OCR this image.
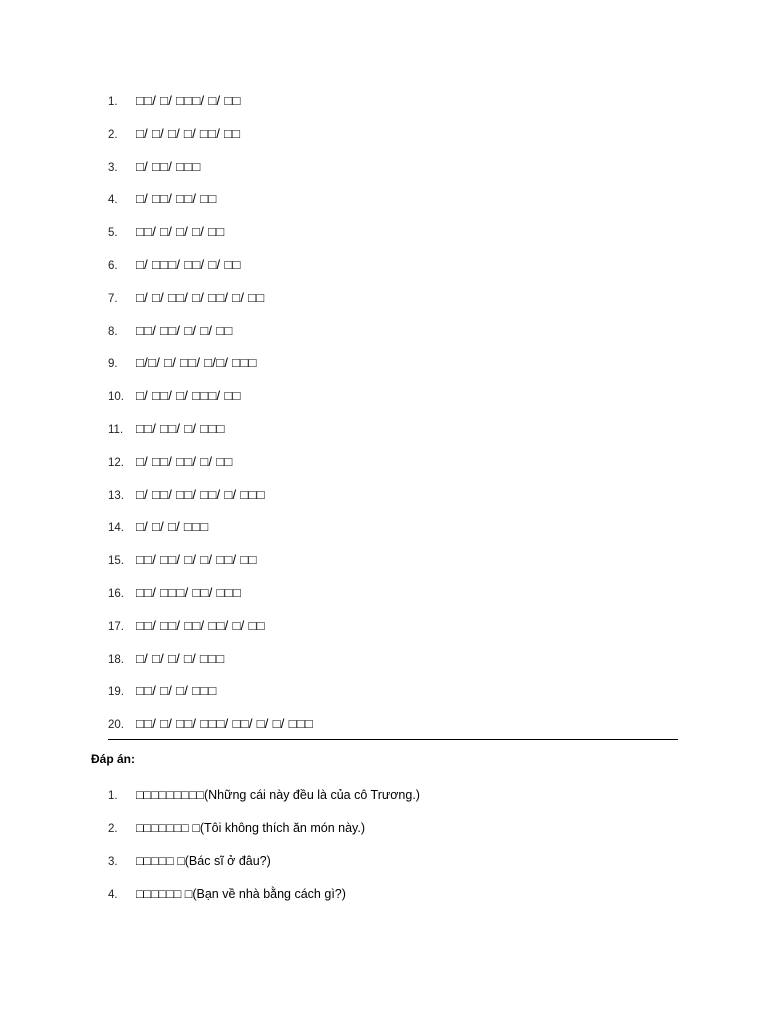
1.	□□/ □/ □□□/ □/ □□
2.	□/ □/ □/ □/ □□/ □□
3.	□/ □□/ □□□
4.	□/ □□/ □□/ □□
5.	□□/ □/ □/ □/ □□
6.	□/ □□□/ □□/ □/ □□
7.	□/ □/ □□/ □/ □□/ □/ □□
8.	□□/ □□/ □/ □/ □□
9.	□/□/ □/ □□/ □/□/ □□□
10. □/ □□/ □/ □□□/ □□
11. □□/ □□/ □/ □□□
12. □/ □□/ □□/ □/ □□
13. □/ □□/ □□/ □□/ □/ □□□
14. □/ □/ □/ □□□
15. □□/ □□/ □/ □/ □□/ □□
16. □□/ □□□/ □□/ □□□
17. □□/ □□/ □□/ □□/ □/ □□
18. □/ □/ □/ □/ □□□
19. □□/ □/ □/ □□□
20. □□/ □/ □□/ □□□/ □□/ □/ □/ □□□

Đáp án:

1.	□□□□□□□□□(Những cái này đều là của cô Trương.)
2.	□□□□□□□ □(Tôi không thích ăn món này.)
3.	□□□□□ □(Bác sĩ ở đâu?)
4.	□□□□□□ □(Bạn về nhà bằng cách gì?)
